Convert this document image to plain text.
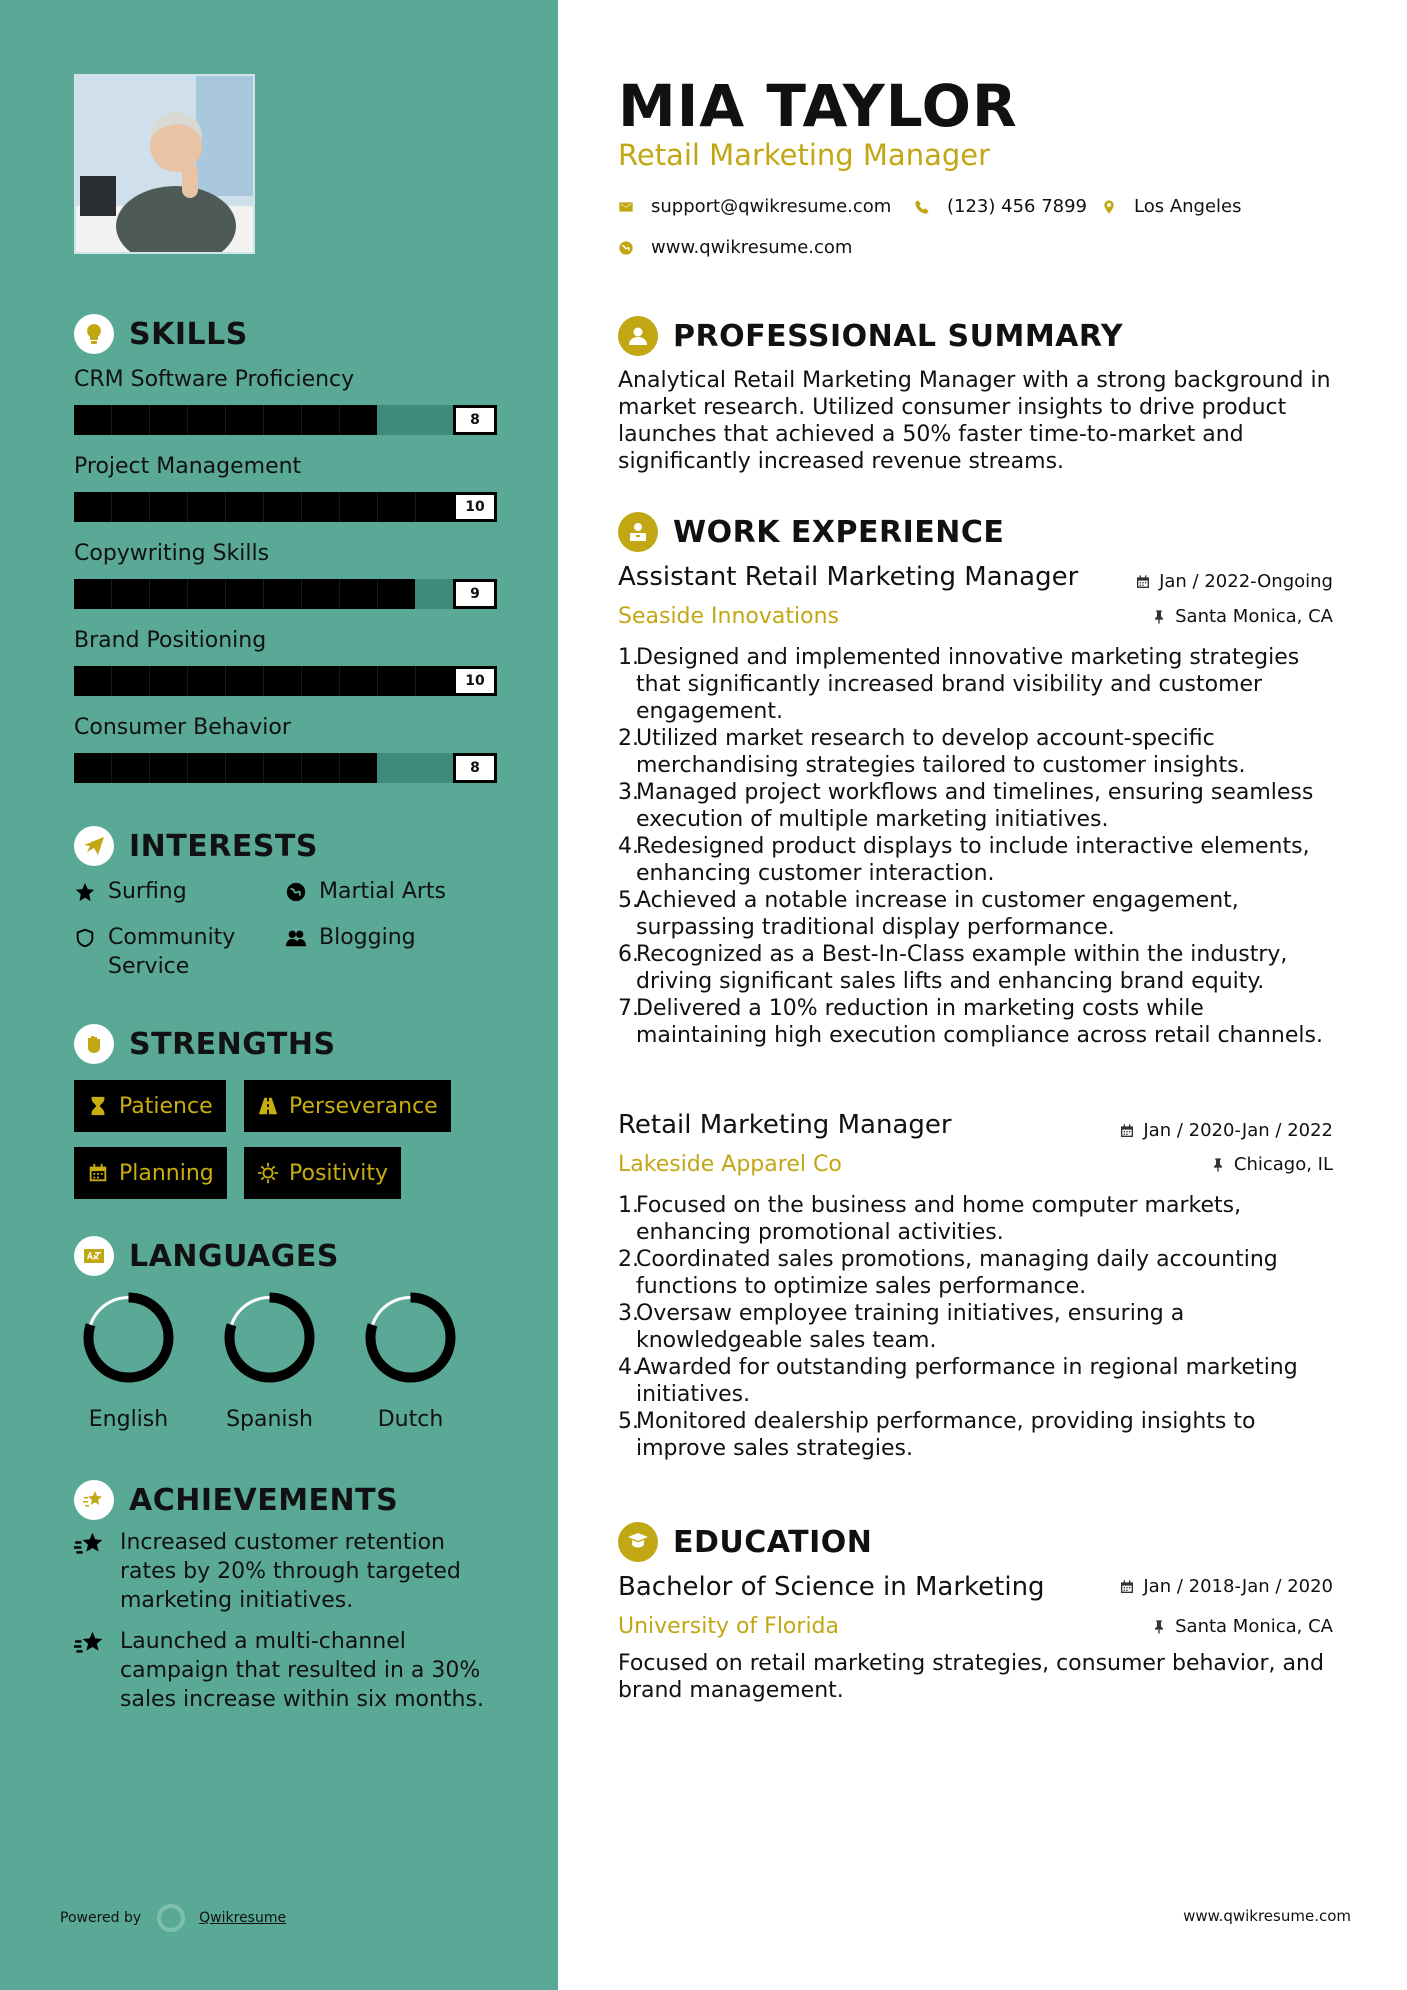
SKILLS
CRM Software Proficiency
8
Project Management
10
Copywriting Skills
9
Brand Positioning
10
Consumer Behavior
8
INTERESTS
Surfing	Martial Arts
Community Service
Blogging
STRENGTHS
Patience	Perseverance
Planning	Positivity
LANGUAGES
English	Spanish	Dutch
ACHIEVEMENTS
Increased customer retention rates by 20% through targeted marketing initiatives.
Launched a multi-channel campaign that resulted in a 30% sales increase within six months.
Powered by	Qwikresume
MIA TAYLOR
Retail Marketing Manager
support@qwikresume.com	(123) 456 7899	Los Angeles
www.qwikresume.com
PROFESSIONAL SUMMARY
Analytical Retail Marketing Manager with a strong background in market research. Utilized consumer insights to drive product launches that achieved a 50% faster time-to-market and significantly increased revenue streams.
WORK EXPERIENCE
Assistant Retail Marketing Manager	Jan / 2022-Ongoing
Seaside Innovations	Santa Monica, CA
Designed and implemented innovative marketing strategies that significantly increased brand visibility and customer engagement.
Utilized market research to develop account-specific merchandising strategies tailored to customer insights.
Managed project workflows and timelines, ensuring seamless execution of multiple marketing initiatives.
Redesigned product displays to include interactive elements, enhancing customer interaction.
Achieved a notable increase in customer engagement, surpassing traditional display performance.
Recognized as a Best-In-Class example within the industry, driving significant sales lifts and enhancing brand equity.
Delivered a 10% reduction in marketing costs while maintaining high execution compliance across retail channels.
Retail Marketing Manager	Jan / 2020-Jan / 2022
Lakeside Apparel Co	Chicago, IL
Focused on the business and home computer markets, enhancing promotional activities.
Coordinated sales promotions, managing daily accounting functions to optimize sales performance.
Oversaw employee training initiatives, ensuring a knowledgeable sales team.
Awarded for outstanding performance in regional marketing initiatives.
Monitored dealership performance, providing insights to improve sales strategies.
EDUCATION
Bachelor of Science in Marketing	Jan / 2018-Jan / 2020
University of Florida	Santa Monica, CA
Focused on retail marketing strategies, consumer behavior, and brand management.
www.qwikresume.com
